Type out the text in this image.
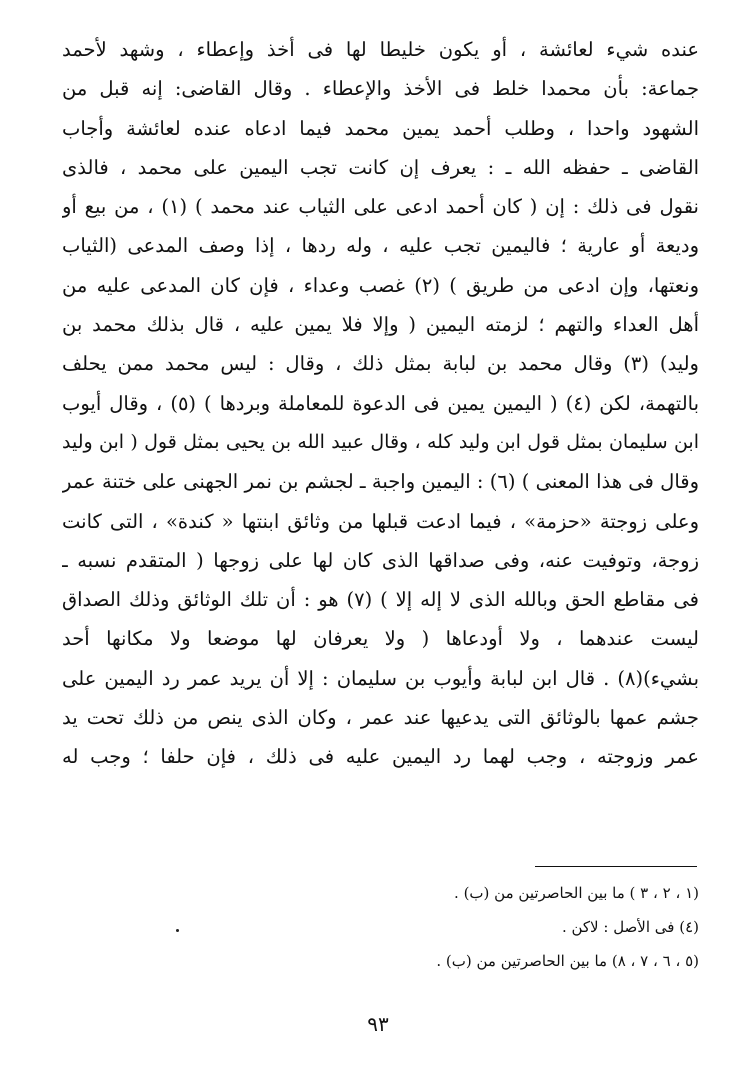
عنده شيء لعائشة ، أو يكون خليطا لها فى أخذ وإعطاء ، وشهد لأحمد
جماعة: بأن محمدا خلط فى الأخذ والإعطاء . وقال القاضى: إنه قبل من
الشهود واحدا ، وطلب أحمد يمين محمد فيما ادعاه عنده لعائشة وأجاب
القاضى ـ حفظه الله ـ : يعرف إن كانت تجب اليمين على محمد ، فالذى
نقول فى ذلك : إن ( كان أحمد ادعى على الثياب عند محمد ) (١) ، من بيع أو
وديعة أو عارية ؛ فاليمين تجب عليه ، وله ردها ، إذا وصف المدعى (الثياب
ونعتها، وإن ادعى من طريق ) (٢) غصب وعداء ، فإن كان المدعى عليه من
أهل العداء والتهم ؛ لزمته اليمين ( وإلا فلا يمين عليه ، قال بذلك محمد بن
وليد) (٣) وقال محمد بن لبابة بمثل ذلك ، وقال : ليس محمد ممن يحلف
بالتهمة، لكن (٤) ( اليمين يمين فى الدعوة للمعاملة وبردها ) (٥) ، وقال أيوب
ابن سليمان بمثل قول ابن وليد كله ، وقال عبيد الله بن يحيى بمثل قول ( ابن وليد
وقال فى هذا المعنى ) (٦) : اليمين واجبة ـ لجشم بن نمر الجهنى على ختنة عمر
وعلى زوجتة «حزمة» ، فيما ادعت قبلها من وثائق ابنتها « كندة» ، التى كانت
زوجة، وتوفيت عنه، وفى صداقها الذى كان لها على زوجها ( المتقدم نسبه ـ
فى مقاطع الحق وبالله الذى لا إله إلا ) (٧) هو : أن تلك الوثائق وذلك الصداق
ليست عندهما ، ولا أودعاها ( ولا يعرفان لها موضعا ولا مكانها أحد
بشيء)(٨) . قال ابن لبابة وأيوب بن سليمان : إلا أن يريد عمر رد اليمين على
جشم عمها بالوثائق التى يدعيها عند عمر ، وكان الذى ينص من ذلك تحت يد
عمر وزوجته ، وجب لهما رد اليمين عليه فى ذلك ، فإن حلفا ؛ وجب له
(١ ، ٢ ، ٣ ) ما بين الحاصرتين من (ب) .
(٤) فى الأصل : لاكن .
(٥ ، ٦ ، ٧ ، ٨) ما بين الحاصرتين من (ب) .
٩٣
